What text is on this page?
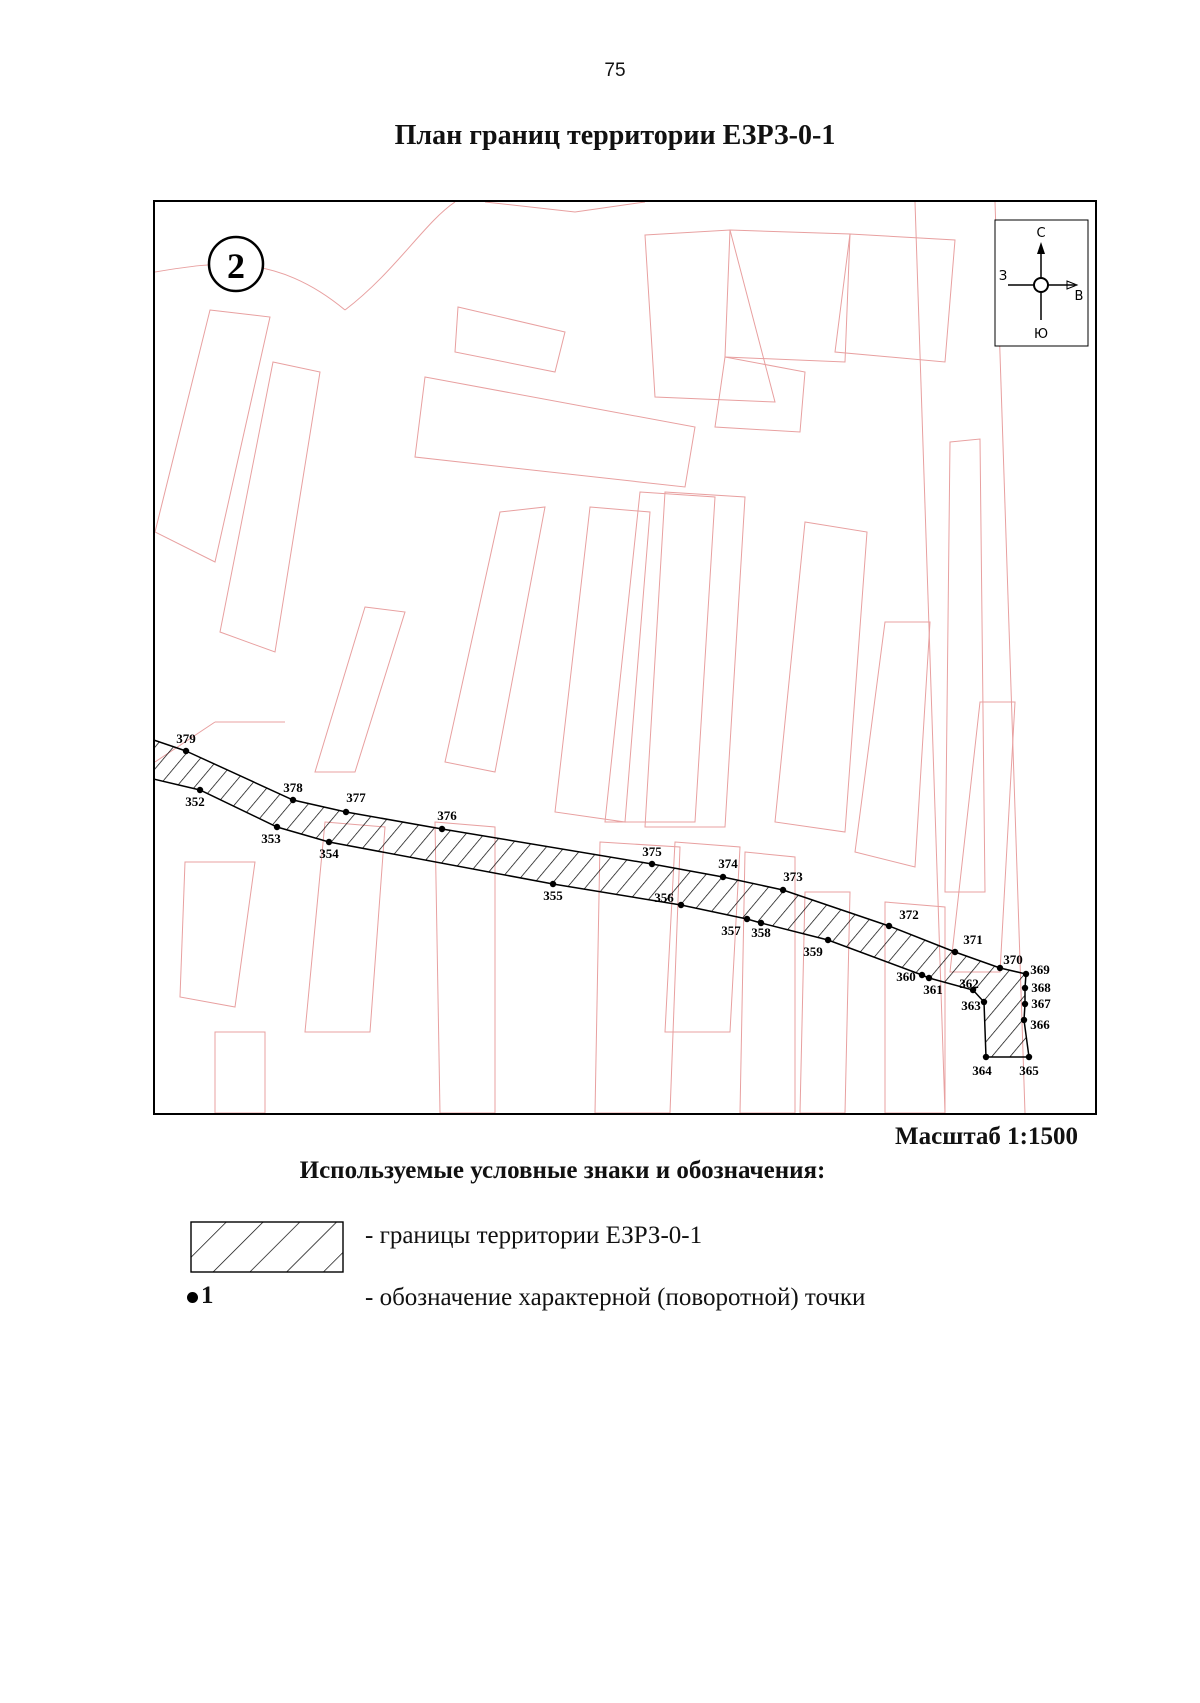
75
План границ территории ЕЗРЗ-0-1
379
378
377
376
375
374
373
372
371
370
369
368
367
366
365
364
363
362
361
360
359
358
357
356
355
354
353
352
2
С
Ю
З
В
Масштаб 1:1500
Используемые условные знаки и обозначения:
- границы территории ЕЗРЗ-0-1
1	- обозначение характерной (поворотной) точки
